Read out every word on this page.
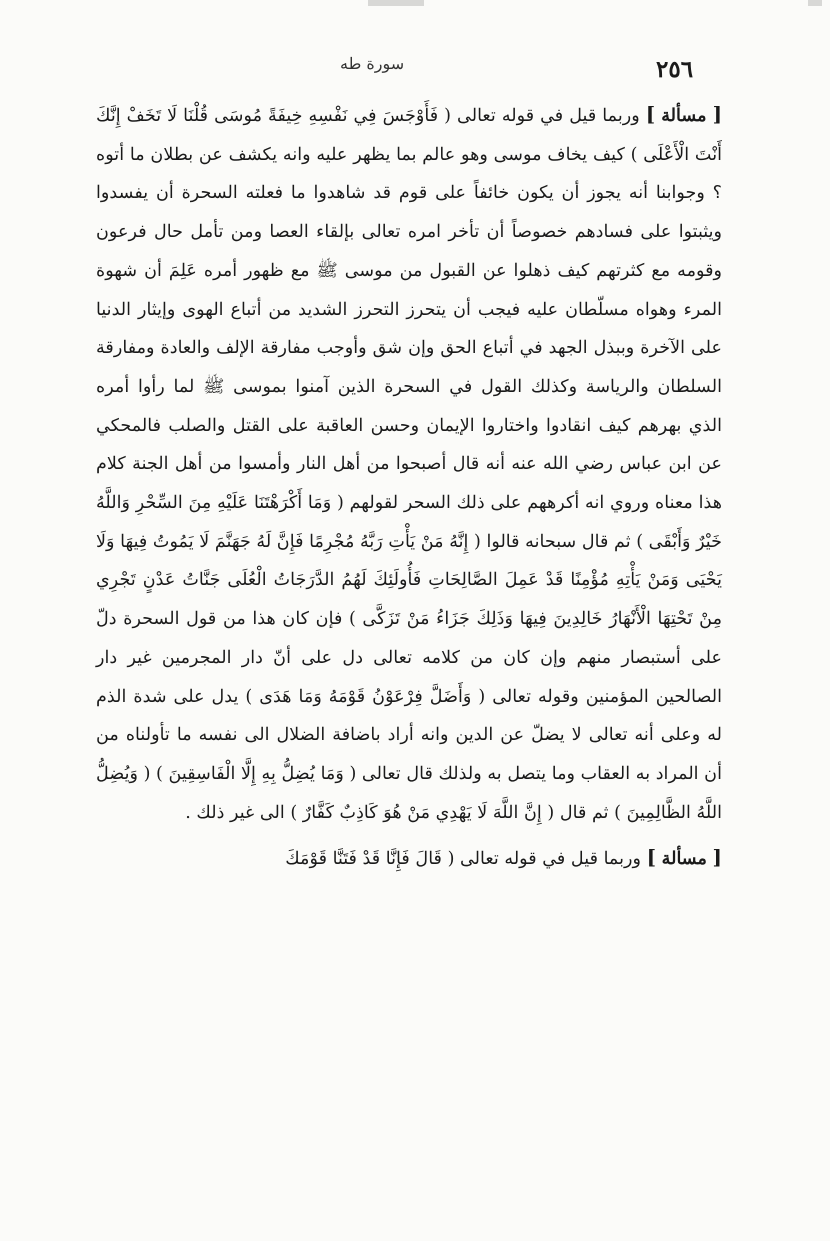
٢٥٦
سورة طه

[ مسألة ] وربما قيل في قوله تعالى ( فَأَوْجَسَ فِي نَفْسِهِ خِيفَةً مُوسَى قُلْنَا لَا تَخَفْ إِنَّكَ أَنْتَ الْأَعْلَى ) كيف يخاف موسى وهو عالم بما يظهر عليه وانه يكشف عن بطلان ما أتوه ؟ وجوابنا أنه يجوز أن يكون خائفاً على قوم قد شاهدوا ما فعلته السحرة أن يفسدوا ويثبتوا على فسادهم خصوصاً أن تأخر امره تعالى بإلقاء العصا ومن تأمل حال فرعون وقومه مع كثرتهم كيف ذهلوا عن القبول من موسى ﷺ مع ظهور أمره عَلِمَ أن شهوة المرء وهواه مسلّطان عليه فيجب أن يتحرز التحرز الشديد من أتباع الهوى وإيثار الدنيا على الآخرة وببذل الجهد في أتباع الحق وإن شق وأوجب مفارقة الإلف والعادة ومفارقة السلطان والرياسة وكذلك القول في السحرة الذين آمنوا بموسى ﷺ لما رأوا أمره الذي بهرهم كيف انقادوا واختاروا الإيمان وحسن العاقبة على القتل والصلب فالمحكي عن ابن عباس رضي الله عنه أنه قال أصبحوا من أهل النار وأمسوا من أهل الجنة كلام هذا معناه وروي انه أكرههم على ذلك السحر لقولهم ( وَمَا أَكْرَهْتَنَا عَلَيْهِ مِنَ السِّحْرِ وَاللَّهُ خَيْرٌ وَأَبْقَى ) ثم قال سبحانه قالوا ( إِنَّهُ مَنْ يَأْتِ رَبَّهُ مُجْرِمًا فَإِنَّ لَهُ جَهَنَّمَ لَا يَمُوتُ فِيهَا وَلَا يَحْيَى وَمَنْ يَأْتِهِ مُؤْمِنًا قَدْ عَمِلَ الصَّالِحَاتِ فَأُولَئِكَ لَهُمُ الدَّرَجَاتُ الْعُلَى جَنَّاتُ عَدْنٍ تَجْرِي مِنْ تَحْتِهَا الْأَنْهَارُ خَالِدِينَ فِيهَا وَذَلِكَ جَزَاءُ مَنْ تَزَكَّى ) فإن كان هذا من قول السحرة دلّ على أستبصار منهم وإن كان من كلامه تعالى دل على أنّ دار المجرمين غير دار الصالحين المؤمنين وقوله تعالى ( وَأَضَلَّ فِرْعَوْنُ قَوْمَهُ وَمَا هَدَى ) يدل على شدة الذم له وعلى أنه تعالى لا يضلّ عن الدين وانه أراد باضافة الضلال الى نفسه ما تأولناه من أن المراد به العقاب وما يتصل به ولذلك قال تعالى ( وَمَا يُضِلُّ بِهِ إِلَّا الْفَاسِقِينَ ) ( وَيُضِلُّ اللَّهُ الظَّالِمِينَ ) ثم قال ( إِنَّ اللَّهَ لَا يَهْدِي مَنْ هُوَ كَاذِبٌ كَفَّارٌ ) الى غير ذلك .

[ مسألة ] وربما قيل في قوله تعالى ( قَالَ فَإِنَّا قَدْ فَتَنَّا قَوْمَكَ
